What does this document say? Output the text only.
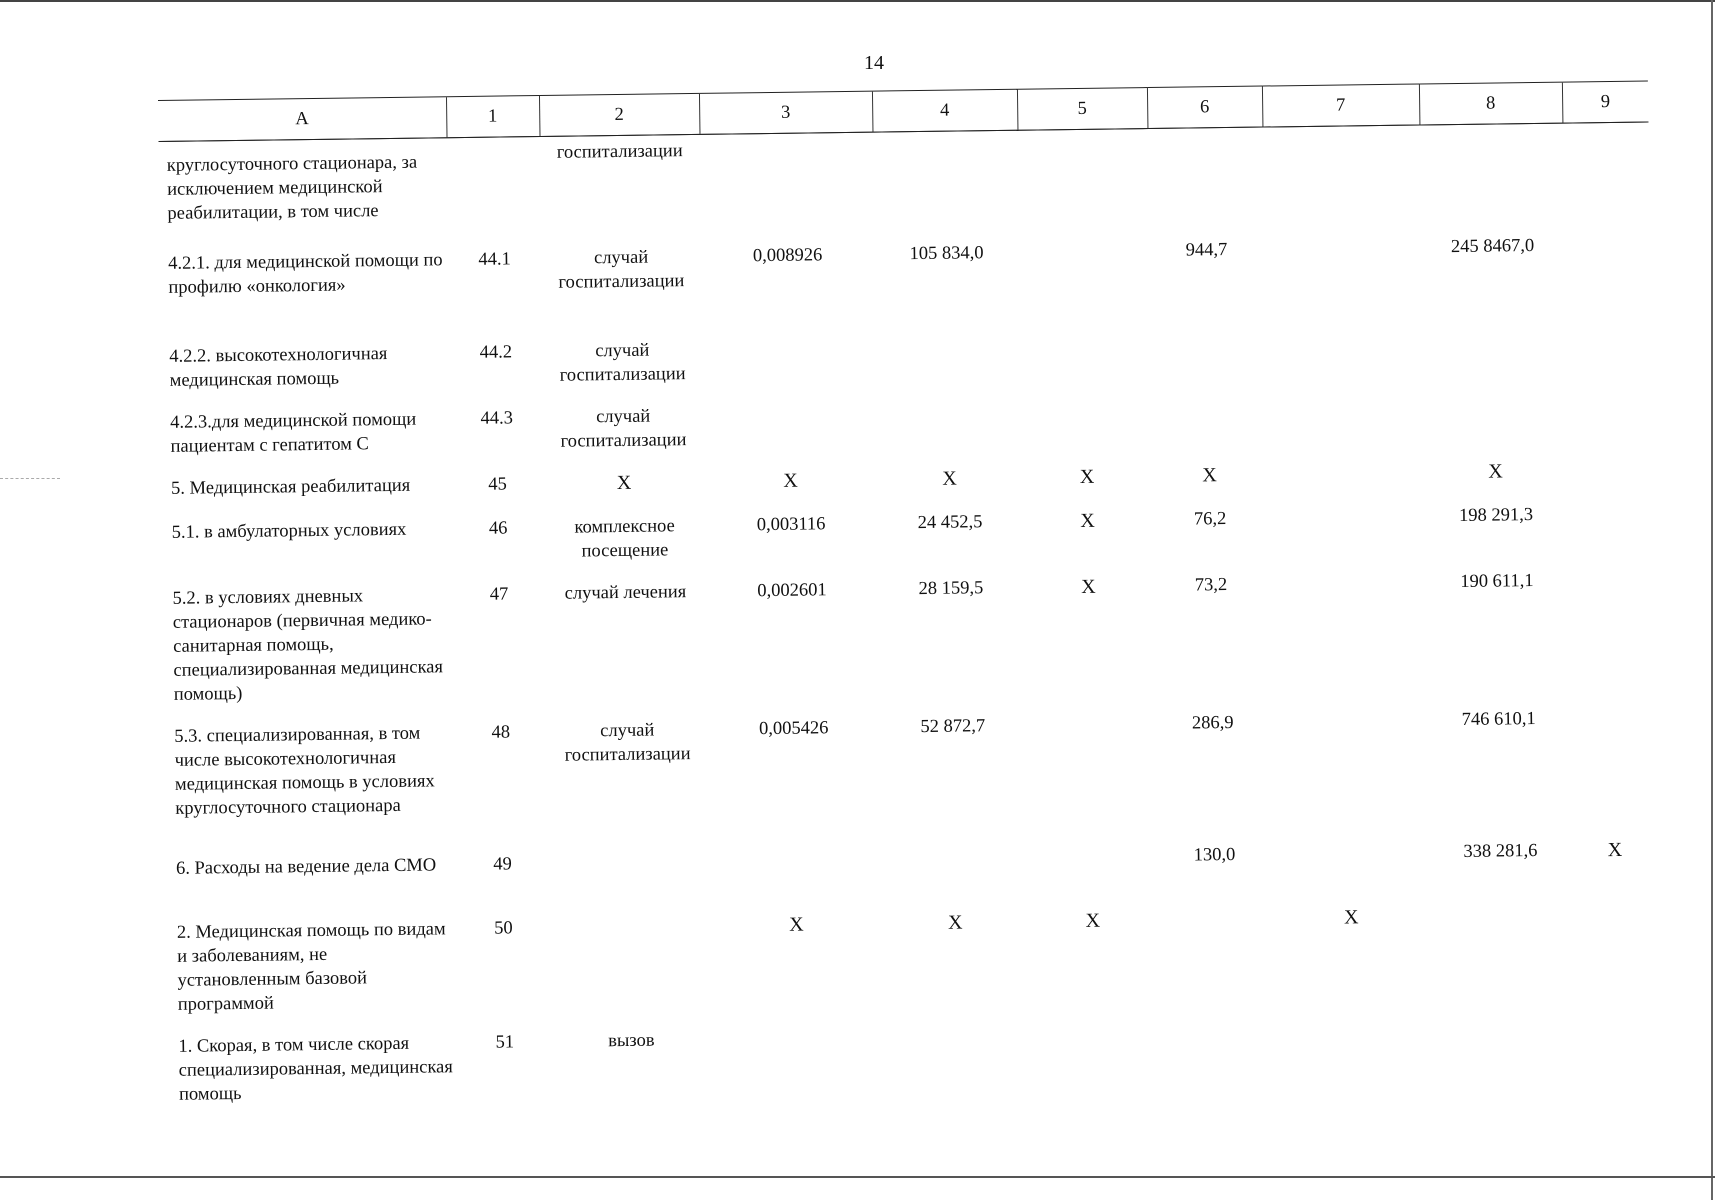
14
А	1	2	3	4	5	6	7	8	9
круглосуточного стационара, за исключением медицинской реабилитации, в том числе		госпитализации							
4.2.1. для медицинской помощи по профилю «онкология»	44.1	случай госпитализации	0,008926	105 834,0		944,7		245 8467,0	
4.2.2. высокотехнологичная медицинская помощь	44.2	случай госпитализации							
4.2.3.для медицинской помощи пациентам с гепатитом С	44.3	случай госпитализации							
5. Медицинская реабилитация	45	Х	Х	Х	Х	Х		Х	
5.1. в амбулаторных условиях	46	комплексное посещение	0,003116	24 452,5	Х	76,2		198 291,3	
5.2. в условиях дневных стационаров (первичная медико-санитарная помощь, специализированная медицинская помощь)	47	случай лечения	0,002601	28 159,5	Х	73,2		190 611,1	
5.3. специализированная, в том числе высокотехнологичная медицинская помощь в условиях круглосуточного стационара	48	случай госпитализации	0,005426	52 872,7		286,9		746 610,1	
6. Расходы на ведение дела СМО	49					130,0		338 281,6	Х
2. Медицинская помощь по видам и заболеваниям, не установленным базовой программой	50		Х	Х	Х		Х		
1. Скорая, в том числе скорая специализированная, медицинская помощь	51	вызов							
